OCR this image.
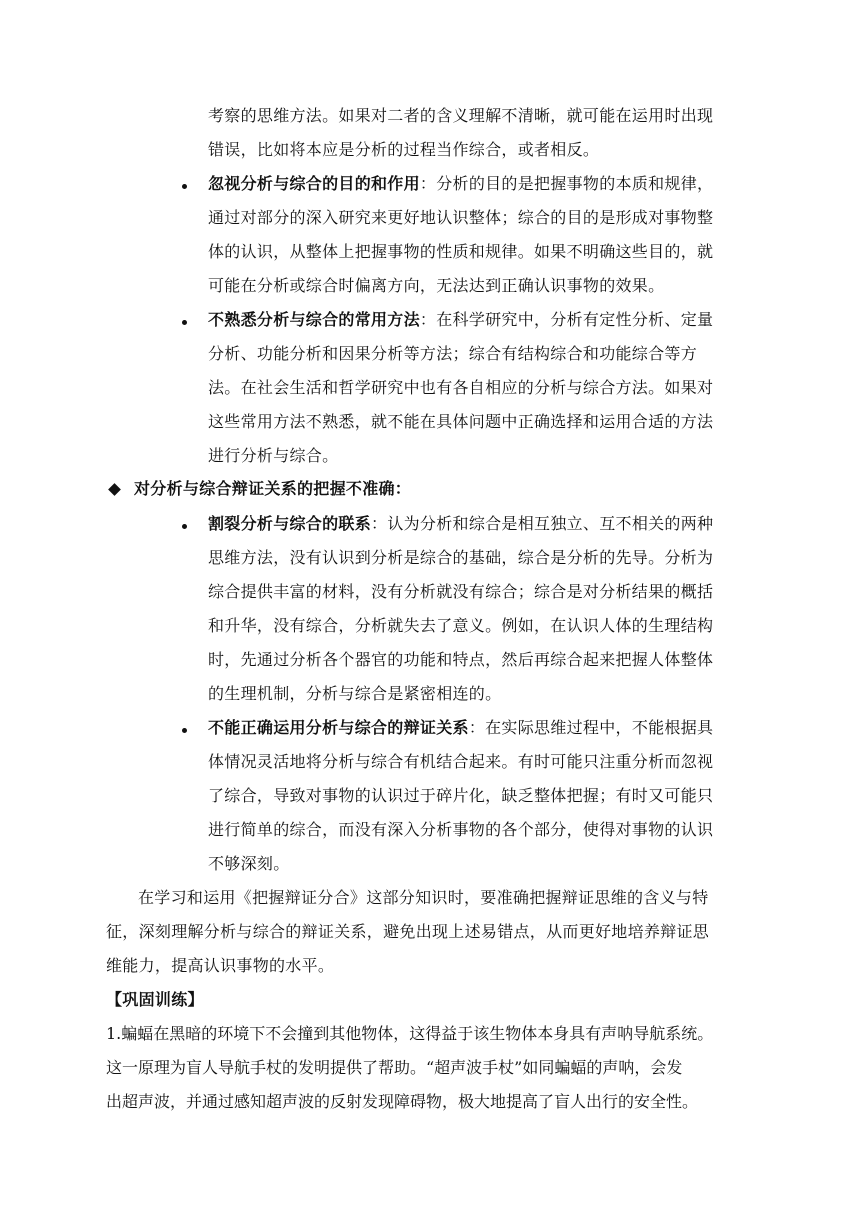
考察的思维方法。如果对二者的含义理解不清晰，就可能在运用时出现
错误，比如将本应是分析的过程当作综合，或者相反。
忽视分析与综合的目的和作用：分析的目的是把握事物的本质和规律，
通过对部分的深入研究来更好地认识整体；综合的目的是形成对事物整
体的认识，从整体上把握事物的性质和规律。如果不明确这些目的，就
可能在分析或综合时偏离方向，无法达到正确认识事物的效果。
不熟悉分析与综合的常用方法：在科学研究中，分析有定性分析、定量
分析、功能分析和因果分析等方法；综合有结构综合和功能综合等方
法。在社会生活和哲学研究中也有各自相应的分析与综合方法。如果对
这些常用方法不熟悉，就不能在具体问题中正确选择和运用合适的方法
进行分析与综合。
对分析与综合辩证关系的把握不准确：
割裂分析与综合的联系：认为分析和综合是相互独立、互不相关的两种
思维方法，没有认识到分析是综合的基础，综合是分析的先导。分析为
综合提供丰富的材料，没有分析就没有综合；综合是对分析结果的概括
和升华，没有综合，分析就失去了意义。例如，在认识人体的生理结构
时，先通过分析各个器官的功能和特点，然后再综合起来把握人体整体
的生理机制，分析与综合是紧密相连的。
不能正确运用分析与综合的辩证关系：在实际思维过程中，不能根据具
体情况灵活地将分析与综合有机结合起来。有时可能只注重分析而忽视
了综合，导致对事物的认识过于碎片化，缺乏整体把握；有时又可能只
进行简单的综合，而没有深入分析事物的各个部分，使得对事物的认识
不够深刻。
在学习和运用《把握辩证分合》这部分知识时，要准确把握辩证思维的含义与特
征，深刻理解分析与综合的辩证关系，避免出现上述易错点，从而更好地培养辩证思
维能力，提高认识事物的水平。
【巩固训练】
1.蝙蝠在黑暗的环境下不会撞到其他物体，这得益于该生物体本身具有声呐导航系统。
这一原理为盲人导航手杖的发明提供了帮助。“超声波手杖”如同蝙蝠的声呐，会发
出超声波，并通过感知超声波的反射发现障碍物，极大地提高了盲人出行的安全性。
